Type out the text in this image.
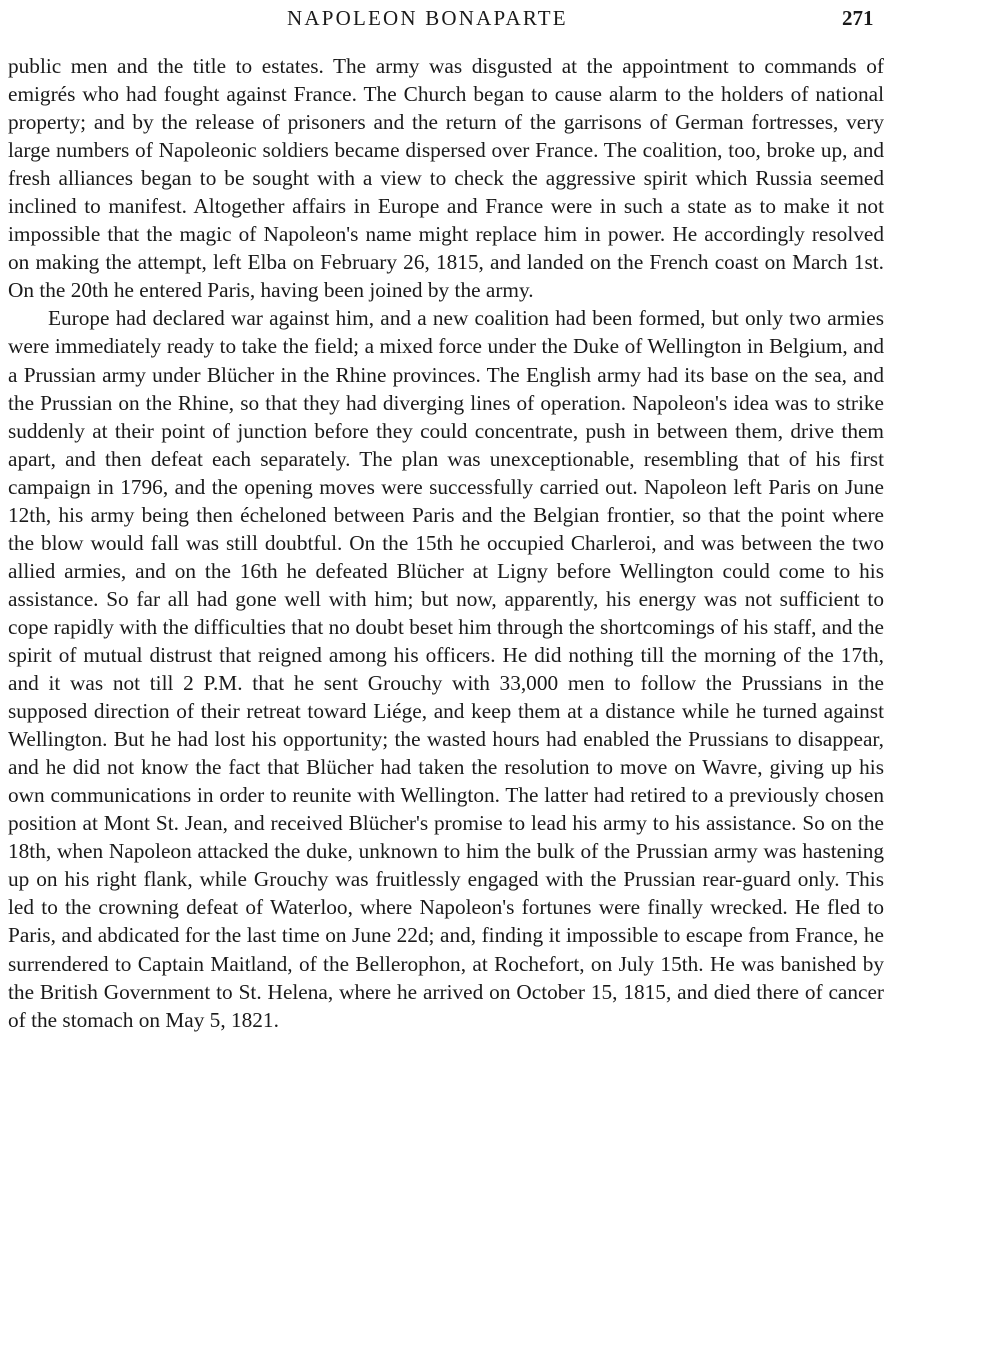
NAPOLEON BONAPARTE	271

public men and the title to estates. The army was disgusted at the appointment to commands of emigrés who had fought against France. The Church began to cause alarm to the holders of national property; and by the release of prisoners and the return of the garrisons of German fortresses, very large numbers of Napoleonic soldiers became dispersed over France. The coalition, too, broke up, and fresh alliances began to be sought with a view to check the aggressive spirit which Russia seemed inclined to manifest. Altogether affairs in Europe and France were in such a state as to make it not impossible that the magic of Napoleon's name might replace him in power. He accordingly resolved on making the attempt, left Elba on February 26, 1815, and landed on the French coast on March 1st. On the 20th he entered Paris, having been joined by the army.

Europe had declared war against him, and a new coalition had been formed, but only two armies were immediately ready to take the field; a mixed force under the Duke of Wellington in Belgium, and a Prussian army under Blücher in the Rhine provinces. The English army had its base on the sea, and the Prussian on the Rhine, so that they had diverging lines of operation. Napoleon's idea was to strike suddenly at their point of junction before they could concentrate, push in between them, drive them apart, and then defeat each separately. The plan was unexceptionable, resembling that of his first campaign in 1796, and the opening moves were successfully carried out. Napoleon left Paris on June 12th, his army being then écheloned between Paris and the Belgian frontier, so that the point where the blow would fall was still doubtful. On the 15th he occupied Charleroi, and was between the two allied armies, and on the 16th he defeated Blücher at Ligny before Wellington could come to his assistance. So far all had gone well with him; but now, apparently, his energy was not sufficient to cope rapidly with the difficulties that no doubt beset him through the shortcomings of his staff, and the spirit of mutual distrust that reigned among his officers. He did nothing till the morning of the 17th, and it was not till 2 P.M. that he sent Grouchy with 33,000 men to follow the Prussians in the supposed direction of their retreat toward Liége, and keep them at a distance while he turned against Wellington. But he had lost his opportunity; the wasted hours had enabled the Prussians to disappear, and he did not know the fact that Blücher had taken the resolution to move on Wavre, giving up his own communications in order to reunite with Wellington. The latter had retired to a previously chosen position at Mont St. Jean, and received Blücher's promise to lead his army to his assistance. So on the 18th, when Napoleon attacked the duke, unknown to him the bulk of the Prussian army was hastening up on his right flank, while Grouchy was fruitlessly engaged with the Prussian rear-guard only. This led to the crowning defeat of Waterloo, where Napoleon's fortunes were finally wrecked. He fled to Paris, and abdicated for the last time on June 22d; and, finding it impossible to escape from France, he surrendered to Captain Maitland, of the Bellerophon, at Rochefort, on July 15th. He was banished by the British Government to St. Helena, where he arrived on October 15, 1815, and died there of cancer of the stomach on May 5, 1821.
